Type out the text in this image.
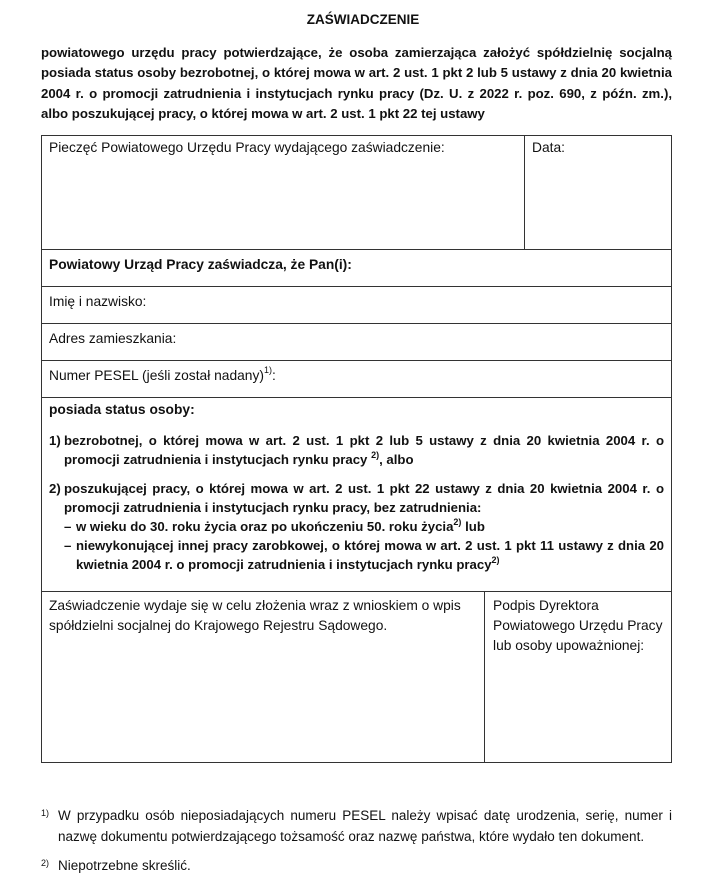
ZAŚWIADCZENIE
powiatowego urzędu pracy potwierdzające, że osoba zamierzająca założyć spółdzielnię socjalną posiada status osoby bezrobotnej, o której mowa w art. 2 ust. 1 pkt 2 lub 5 ustawy z dnia 20 kwietnia 2004 r. o promocji zatrudnienia i instytucjach rynku pracy (Dz. U. z 2022 r. poz. 690, z późn. zm.), albo poszukującej pracy, o której mowa w art. 2 ust. 1 pkt 22 tej ustawy
Pieczęć Powiatowego Urzędu Pracy wydającego zaświadczenie:	Data:
Powiatowy Urząd Pracy zaświadcza, że Pan(i):
Imię i nazwisko:
Adres zamieszkania:
Numer PESEL (jeśli został nadany)$^{1)}$:
posiada status osoby:
1) bezrobotnej, o której mowa w art. 2 ust. 1 pkt 2 lub 5 ustawy z dnia 20 kwietnia 2004 r. o promocji zatrudnienia i instytucjach rynku pracy $^{2)}$, albo
2) poszukującej pracy, o której mowa w art. 2 ust. 1 pkt 22 ustawy z dnia 20 kwietnia 2004 r. o promocji zatrudnienia i instytucjach rynku pracy, bez zatrudnienia:
– w wieku do 30. roku życia oraz po ukończeniu 50. roku życia$^{2)}$ lub
– niewykonującej innej pracy zarobkowej, o której mowa w art. 2 ust. 1 pkt 11 ustawy z dnia 20 kwietnia 2004 r. o promocji zatrudnienia i instytucjach rynku pracy$^{2)}$
Zaświadczenie wydaje się w celu złożenia wraz z wnioskiem o wpis spółdzielni socjalnej do Krajowego Rejestru Sądowego.
Podpis Dyrektora Powiatowego Urzędu Pracy lub osoby upoważnionej:
1) W przypadku osób nieposiadających numeru PESEL należy wpisać datę urodzenia, serię, numer i nazwę dokumentu potwierdzającego tożsamość oraz nazwę państwa, które wydało ten dokument.
2) Niepotrzebne skreślić.
